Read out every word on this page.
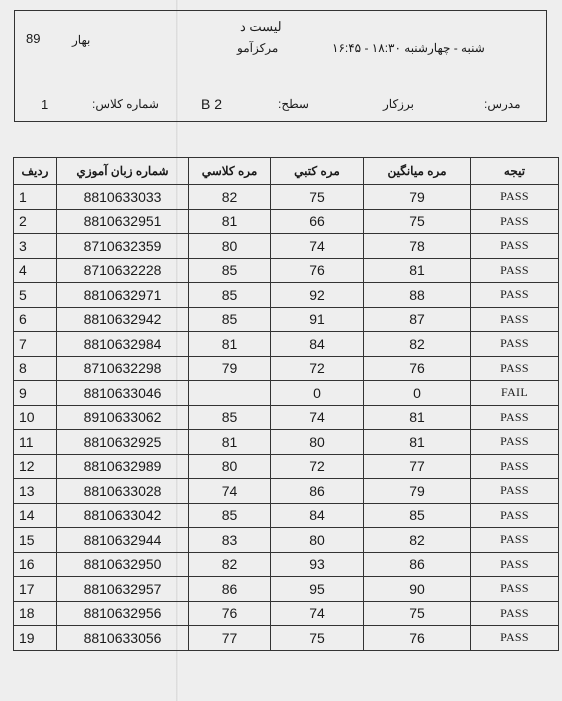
89	بهار
لیست د
مرکزآمو	شنبه - چهارشنبه ۱۸:۳۰ - ۱۶:۴۵
1	شماره کلاس:	B 2	سطح:	برزکار	مدرس:
ردیف	شماره زبان آموزي	مره کلاسي	مره کتبي	مره ميانگين	تيجه
1	8810633033	82	75	79	PASS
2	8810632951	81	66	75	PASS
3	8710632359	80	74	78	PASS
4	8710632228	85	76	81	PASS
5	8810632971	85	92	88	PASS
6	8810632942	85	91	87	PASS
7	8810632984	81	84	82	PASS
8	8710632298	79	72	76	PASS
9	8810633046		0	0	FAIL
10	8910633062	85	74	81	PASS
11	8810632925	81	80	81	PASS
12	8810632989	80	72	77	PASS
13	8810633028	74	86	79	PASS
14	8810633042	85	84	85	PASS
15	8810632944	83	80	82	PASS
16	8810632950	82	93	86	PASS
17	8810632957	86	95	90	PASS
18	8810632956	76	74	75	PASS
19	8810633056	77	75	76	PASS
